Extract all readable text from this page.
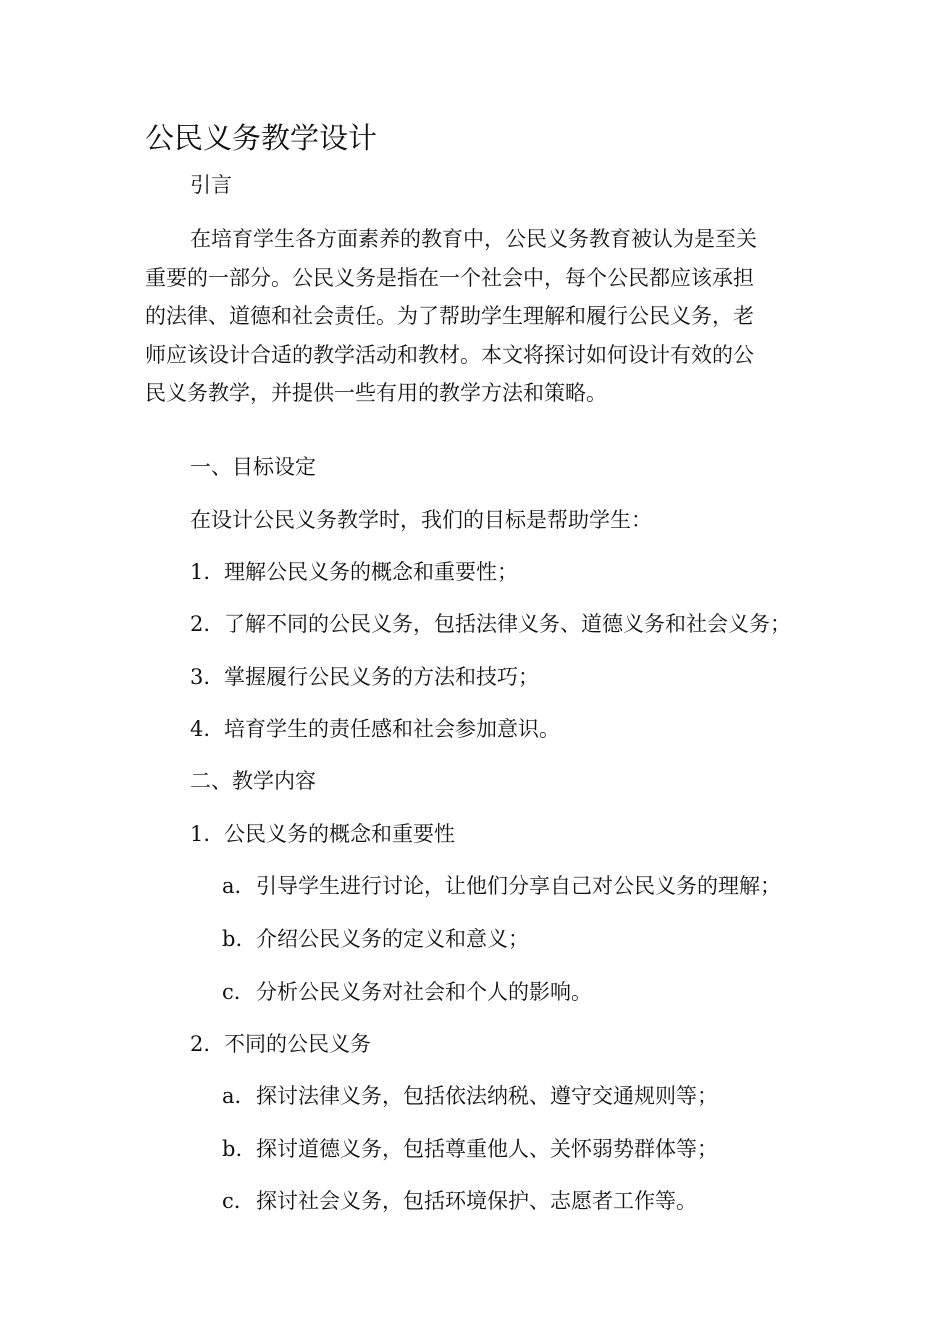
公民义务教学设计
引言
在培育学生各方面素养的教育中，公民义务教育被认为是至关
重要的一部分。公民义务是指在一个社会中，每个公民都应该承担
的法律、道德和社会责任。为了帮助学生理解和履行公民义务，老
师应该设计合适的教学活动和教材。本文将探讨如何设计有效的公
民义务教学，并提供一些有用的教学方法和策略。
一、目标设定
在设计公民义务教学时，我们的目标是帮助学生：
1. 理解公民义务的概念和重要性；
2. 了解不同的公民义务，包括法律义务、道德义务和社会义务；
3. 掌握履行公民义务的方法和技巧；
4. 培育学生的责任感和社会参加意识。
二、教学内容
1. 公民义务的概念和重要性
a. 引导学生进行讨论，让他们分享自己对公民义务的理解；
b. 介绍公民义务的定义和意义；
c. 分析公民义务对社会和个人的影响。
2. 不同的公民义务
a. 探讨法律义务，包括依法纳税、遵守交通规则等；
b. 探讨道德义务，包括尊重他人、关怀弱势群体等；
c. 探讨社会义务，包括环境保护、志愿者工作等。
